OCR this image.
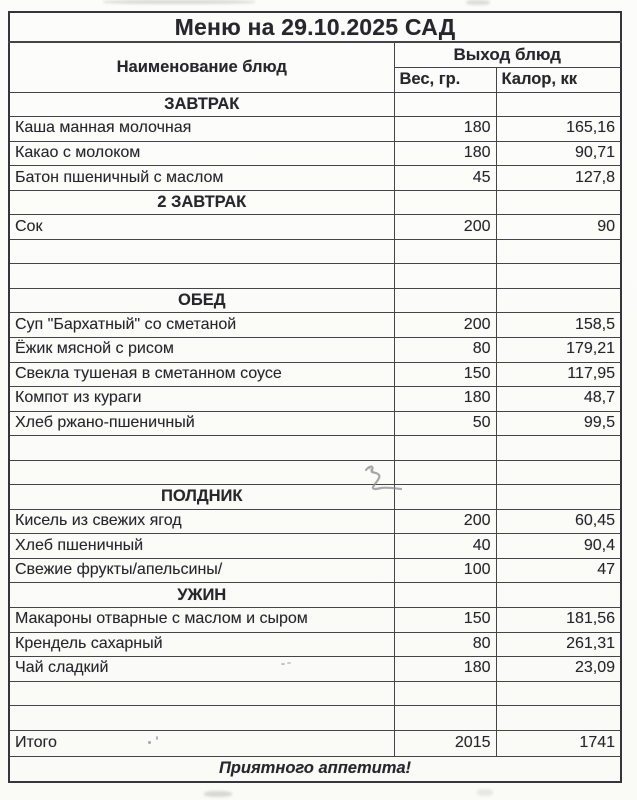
Меню на 29.10.2025 САД		
Наименование блюд	Выход блюд	
	Вес, гр.	Калор, кк
ЗАВТРАК		
Каша манная молочная	180	165,16
Какао с молоком	180	90,71
Батон пшеничный с маслом	45	127,8
2 ЗАВТРАК		
Сок	200	90

ОБЕД		
Суп "Бархатный" со сметаной	200	158,5
Ёжик мясной с рисом	80	179,21
Свекла тушеная в сметанном соусе	150	117,95
Компот из кураги	180	48,7
Хлеб ржано-пшеничный	50	99,5

ПОЛДНИК		
Кисель из свежих ягод	200	60,45
Хлеб пшеничный	40	90,4
Свежие фрукты/апельсины/	100	47
УЖИН		
Макароны отварные с маслом и сыром	150	181,56
Крендель сахарный	80	261,31
Чай сладкий	180	23,09

Итого	2015	1741
Приятного аппетита!		
